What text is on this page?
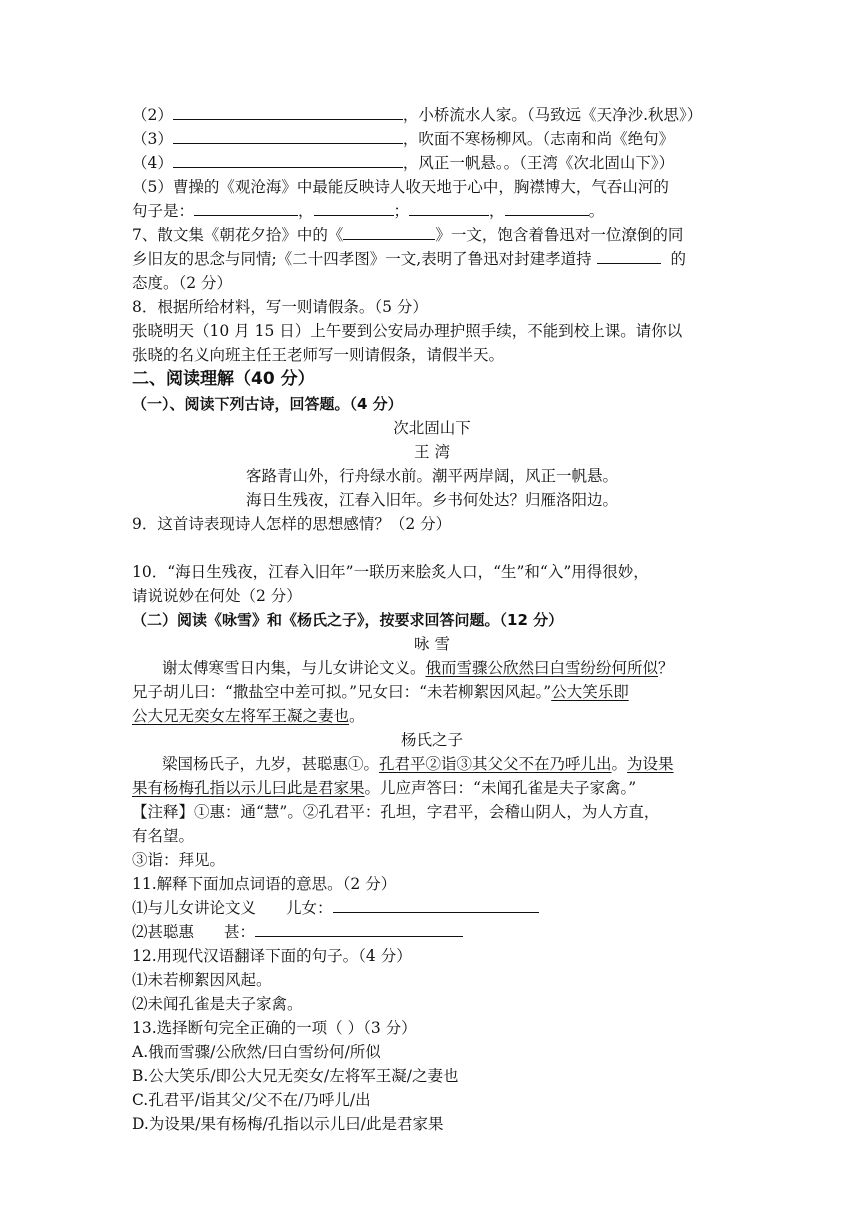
（2）	，小桥流水人家。（马致远《天净沙.秋思》）
（3）	，吹面不寒杨柳风。（志南和尚《绝句》
（4）	，风正一帆悬。。（王湾《次北固山下》）
（5）曹操的《观沧海》中最能反映诗人收天地于心中，胸襟博大，气吞山河的
句子是：	，	；	，	。
7、散文集《朝花夕拾》中的《	》一文，饱含着鲁迅对一位潦倒的同
乡旧友的思念与同情;《二十四孝图》一文,表明了鲁迅对封建孝道持	的
态度。（2 分）
8．根据所给材料，写一则请假条。（5 分）
张晓明天（10 月 15 日）上午要到公安局办理护照手续，不能到校上课。请你以
张晓的名义向班主任王老师写一则请假条，请假半天。
二、阅读理解（40 分）
（一）、阅读下列古诗，回答题。（4 分）
次北固山下
王 湾
客路青山外，行舟绿水前。潮平两岸阔，风正一帆悬。
海日生残夜，江春入旧年。乡书何处达？归雁洛阳边。
9．这首诗表现诗人怎样的思想感情？（2 分）
10．“海日生残夜，江春入旧年”一联历来脍炙人口，“生”和“入”用得很妙，
请说说妙在何处（2 分）
（二）阅读《咏雪》和《杨氏之子》，按要求回答问题。（12 分）
咏 雪
谢太傅寒雪日内集，与儿女讲论文义。俄而雪骤公欣然曰白雪纷纷何所似？
兄子胡儿曰：“撒盐空中差可拟。”兄女曰：“未若柳絮因风起。”公大笑乐即
公大兄无奕女左将军王凝之妻也。
杨氏之子
梁国杨氏子，九岁，甚聪惠①。孔君平②诣③其父父不在乃呼儿出。为设果
果有杨梅孔指以示儿曰此是君家果。儿应声答曰：“未闻孔雀是夫子家禽。”
【注释】①惠：通“慧”。②孔君平：孔坦，字君平，会稽山阴人，为人方直，
有名望。
③诣：拜见。
11.解释下面加点词语的意思。（2 分）
⑴与儿女讲论文义 儿女：
⑵甚聪惠 甚：
12.用现代汉语翻译下面的句子。（4 分）
⑴未若柳絮因风起。
⑵未闻孔雀是夫子家禽。
13.选择断句完全正确的一项（ ）（3 分）
A.俄而雪骤/公欣然/曰白雪纷何/所似
B.公大笑乐/即公大兄无奕女/左将军王凝/之妻也
C.孔君平/诣其父/父不在/乃呼儿/出
D.为设果/果有杨梅/孔指以示儿曰/此是君家果
